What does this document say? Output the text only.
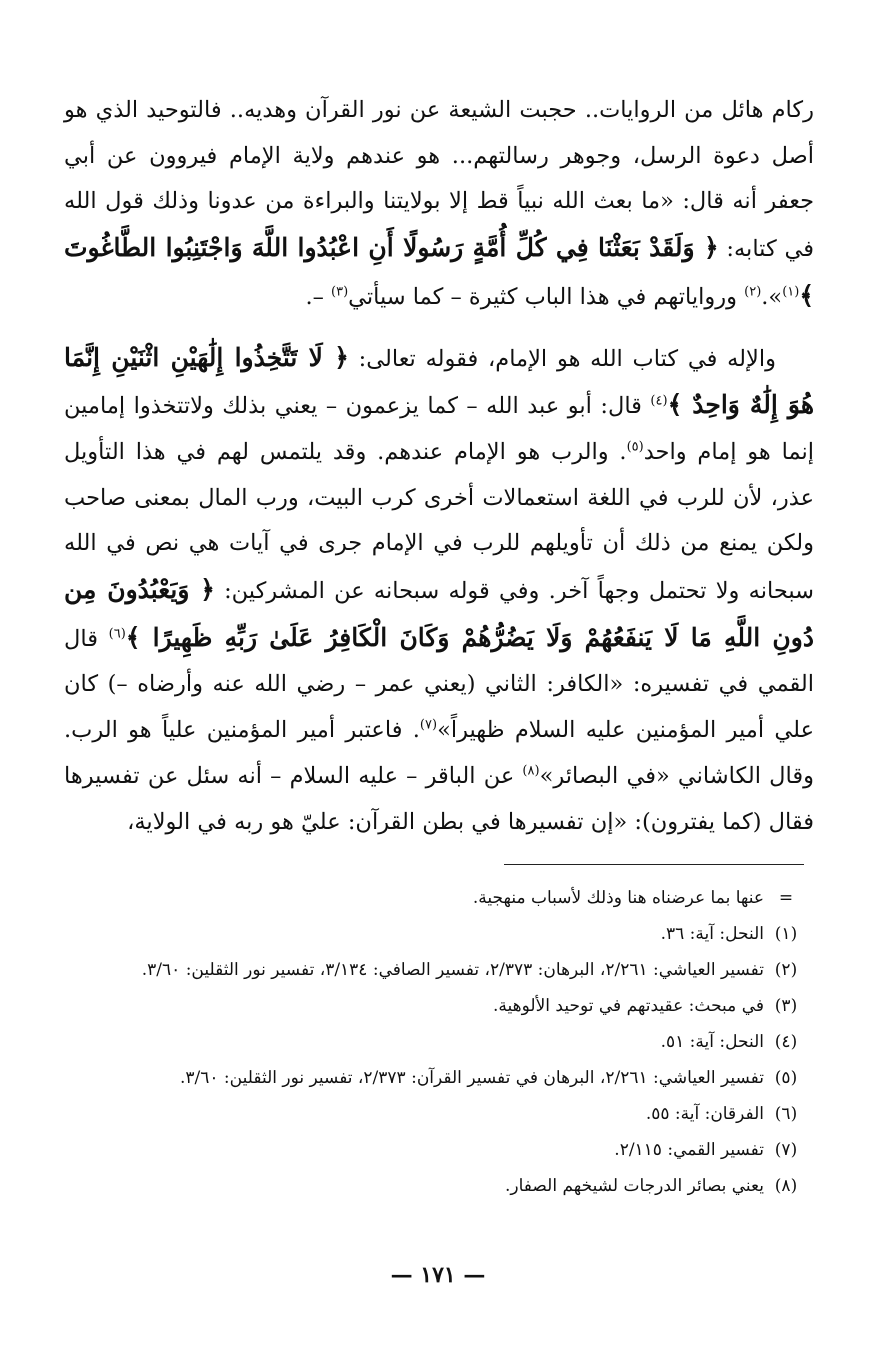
ركام هائل من الروايات.. حجبت الشيعة عن نور القرآن وهديه.. فالتوحيد الذي هو أصل دعوة الرسل، وجوهر رسالتهم... هو عندهم ولاية الإمام فيروون عن أبي جعفر أنه قال: «ما بعث الله نبياً قط إلا بولايتنا والبراءة من عدونا وذلك قول الله في كتابه: ﴿ وَلَقَدْ بَعَثْنَا فِي كُلِّ أُمَّةٍ رَسُولًا أَنِ اعْبُدُوا اللَّهَ وَاجْتَنِبُوا الطَّاغُوتَ ﴾$^{(١)}$».$^{(٢)}$ ورواياتهم في هذا الباب كثيرة – كما سيأتي$^{(٣)}$ –.

والإله في كتاب الله هو الإمام، فقوله تعالى: ﴿ لَا تَتَّخِذُوا إِلَٰهَيْنِ اثْنَيْنِ إِنَّمَا هُوَ إِلَٰهٌ وَاحِدٌ ﴾$^{(٤)}$ قال: أبو عبد الله – كما يزعمون – يعني بذلك ولاتتخذوا إمامين إنما هو إمام واحد$^{(٥)}$. والرب هو الإمام عندهم. وقد يلتمس لهم في هذا التأويل عذر، لأن للرب في اللغة استعمالات أخرى كرب البيت، ورب المال بمعنى صاحب ولكن يمنع من ذلك أن تأويلهم للرب في الإمام جرى في آيات هي نص في الله سبحانه ولا تحتمل وجهاً آخر. وفي قوله سبحانه عن المشركين: ﴿ وَيَعْبُدُونَ مِن دُونِ اللَّهِ مَا لَا يَنفَعُهُمْ وَلَا يَضُرُّهُمْ وَكَانَ الْكَافِرُ عَلَىٰ رَبِّهِ ظَهِيرًا ﴾$^{(٦)}$ قال القمي في تفسيره: «الكافر: الثاني (يعني عمر – رضي الله عنه وأرضاه –) كان علي أمير المؤمنين عليه السلام ظهيراً»$^{(٧)}$. فاعتبر أمير المؤمنين علياً هو الرب. وقال الكاشاني «في البصائر»$^{(٨)}$ عن الباقر – عليه السلام – أنه سئل عن تفسيرها فقال (كما يفترون): «إن تفسيرها في بطن القرآن: عليّ هو ربه في الولاية،

=
عنها بما عرضناه هنا وذلك لأسباب منهجية.
(١)
النحل: آية: ٣٦.
(٢)
تفسير العياشي: ٢/٢٦١، البرهان: ٢/٣٧٣، تفسير الصافي: ٣/١٣٤، تفسير نور الثقلين: ٣/٦٠.
(٣)
في مبحث: عقيدتهم في توحيد الألوهية.
(٤)
النحل: آية: ٥١.
(٥)
تفسير العياشي: ٢/٢٦١، البرهان في تفسير القرآن: ٢/٣٧٣، تفسير نور الثقلين: ٣/٦٠.
(٦)
الفرقان: آية: ٥٥.
(٧)
تفسير القمي: ٢/١١٥.
(٨)
يعني بصائر الدرجات لشيخهم الصفار.
— ١٧١ —
